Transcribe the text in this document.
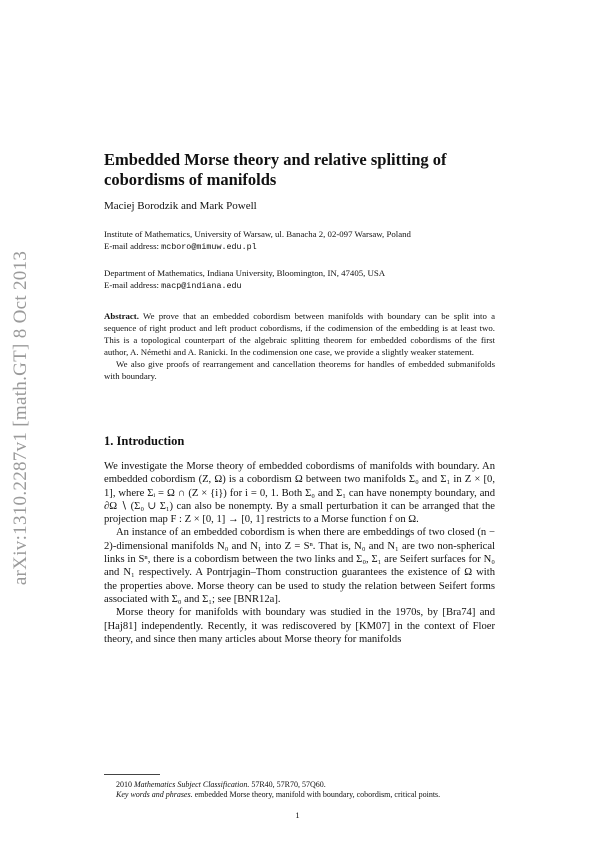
arXiv:1310.2287v1 [math.GT] 8 Oct 2013
Embedded Morse theory and relative splitting of
cobordisms of manifolds
Maciej Borodzik and Mark Powell
Institute of Mathematics, University of Warsaw, ul. Banacha 2, 02-097 Warsaw, Poland
E-mail address: mcboro@mimuw.edu.pl
Department of Mathematics, Indiana University, Bloomington, IN, 47405, USA
E-mail address: macp@indiana.edu

Abstract. We prove that an embedded cobordism between manifolds with boundary can be split into a sequence of right product and left product cobordisms, if the codimension of the embedding is at least two. This is a topological counterpart of the algebraic splitting theorem for embedded cobordisms of the first author, A. Némethi and A. Ranicki. In the codimension one case, we provide a slightly weaker statement.

We also give proofs of rearrangement and cancellation theorems for handles of embedded submanifolds with boundary.

1. Introduction

We investigate the Morse theory of embedded cobordisms of manifolds with boundary. An embedded cobordism (Z, Ω) is a cobordism Ω between two manifolds Σ₀ and Σ₁ in Z × [0, 1], where Σᵢ = Ω ∩ (Z × {i}) for i = 0, 1. Both Σ₀ and Σ₁ can have nonempty boundary, and ∂Ω ∖ (Σ₀ ∪ Σ₁) can also be nonempty. By a small perturbation it can be arranged that the projection map F : Z × [0, 1] → [0, 1] restricts to a Morse function f on Ω.

An instance of an embedded cobordism is when there are embeddings of two closed (n − 2)-dimensional manifolds N₀ and N₁ into Z = Sⁿ. That is, N₀ and N₁ are two non-spherical links in Sⁿ, there is a cobordism between the two links and Σ₀, Σ₁ are Seifert surfaces for N₀ and N₁ respectively. A Pontrjagin–Thom construction guarantees the existence of Ω with the properties above. Morse theory can be used to study the relation between Seifert forms associated with Σ₀ and Σ₁; see [BNR12a].

Morse theory for manifolds with boundary was studied in the 1970s, by [Bra74] and [Haj81] independently. Recently, it was rediscovered by [KM07] in the context of Floer theory, and since then many articles about Morse theory for manifolds

2010 Mathematics Subject Classification. 57R40, 57R70, 57Q60.

Key words and phrases. embedded Morse theory, manifold with boundary, cobordism, critical points.

1
